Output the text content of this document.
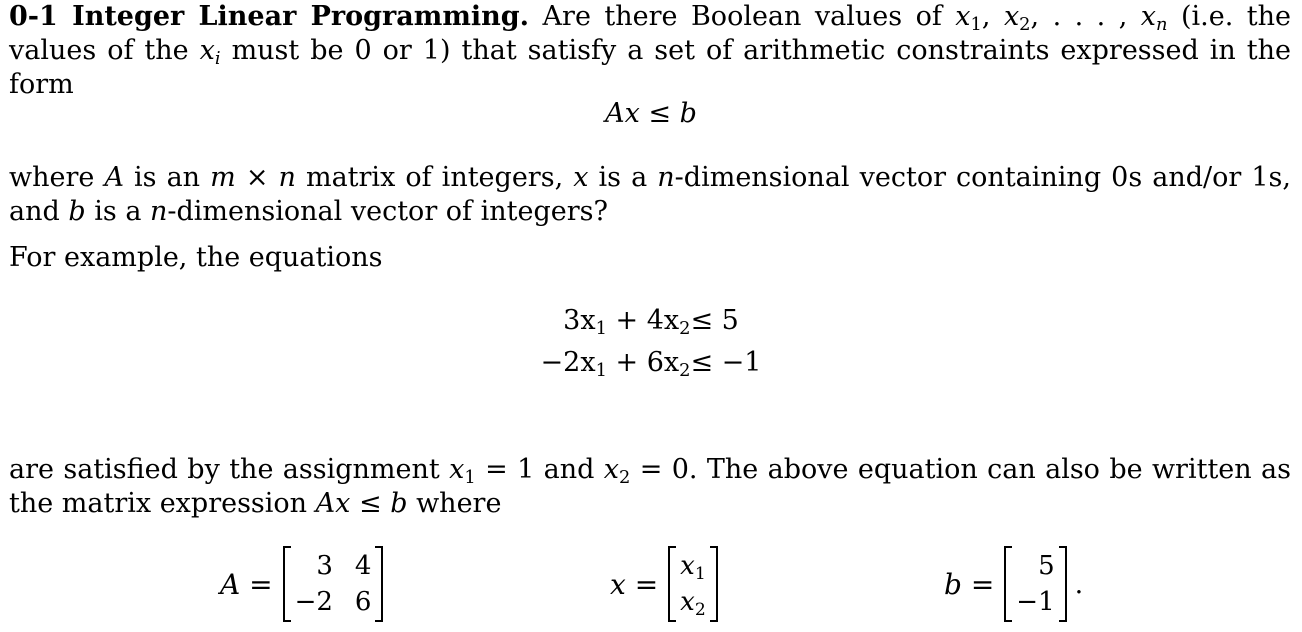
0-1 Integer Linear Programming. Are there Boolean values of $x_1$, $x_2$, . . . , xn (i.e. the values of the xi must be 0 or 1) that satisfy a set of arithmetic constraints expressed in the form

Ax ≤ b

where A is an m × n matrix of integers, x is a n-dimensional vector containing 0s and/or 1s, and b is a n-dimensional vector of integers?

For example, the equations

$3x_1 + 4x_2$	≤ 5
$-2x_1 + 6x_2$	≤ −1

are satisfied by the assignment $x_1 = 1$ and $x_2 = 0$. The above equation can also be written as the matrix expression Ax ≤ b where

A =
3 4
−2 6
x =
$x_1$
$x_2$
b =
5
−1
.
